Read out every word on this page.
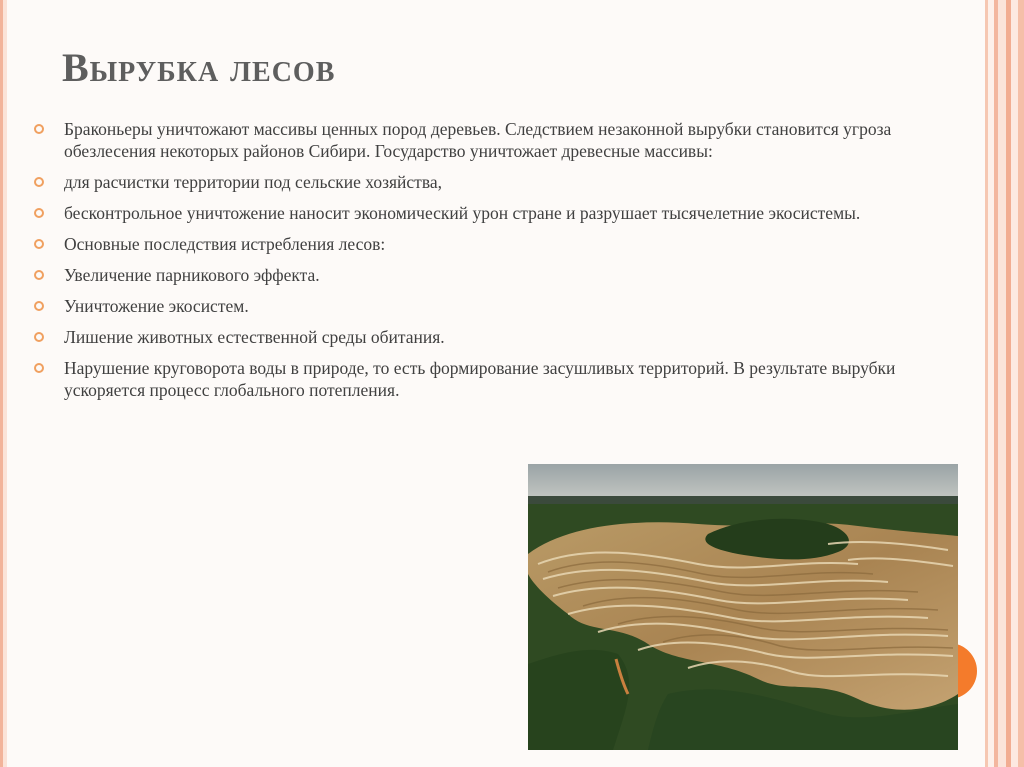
Вырубка лесов
Браконьеры уничтожают массивы ценных пород деревьев. Следствием незаконной вырубки становится угроза обезлесения некоторых районов Сибири. Государство уничтожает древесные массивы:
для расчистки территории под сельские хозяйства,
бесконтрольное уничтожение наносит экономический урон стране и разрушает тысячелетние экосистемы.
Основные последствия истребления лесов:
Увеличение парникового эффекта.
Уничтожение экосистем.
Лишение животных естественной среды обитания.
Нарушение круговорота воды в природе, то есть формирование засушливых территорий. В результате вырубки ускоряется процесс глобального потепления.
